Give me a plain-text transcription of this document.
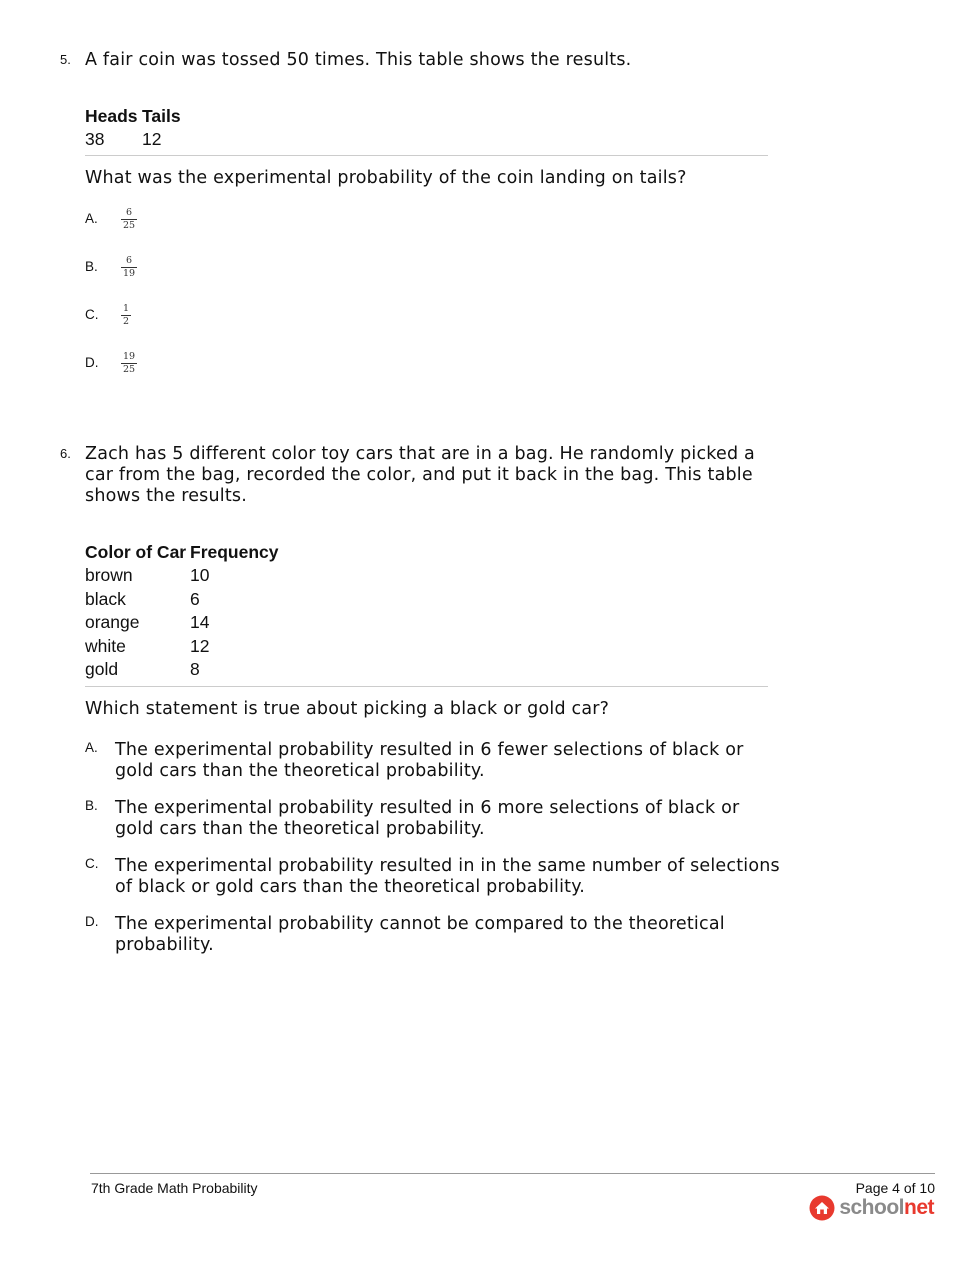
5. A fair coin was tossed 50 times. This table shows the results.
Heads	Tails
38	12
What was the experimental probability of the coin landing on tails?
A.	6
25
B.	6
19
C.	1
2
D.	19
25
6. Zach has 5 different color toy cars that are in a bag. He randomly picked a car from the bag, recorded the color, and put it back in the bag. This table shows the results.
Color of Car	Frequency
brown	10
black	6
orange	14
white	12
gold	8
Which statement is true about picking a black or gold car?
A. The experimental probability resulted in 6 fewer selections of black or gold cars than the theoretical probability.
B. The experimental probability resulted in 6 more selections of black or gold cars than the theoretical probability.
C. The experimental probability resulted in in the same number of selections of black or gold cars than the theoretical probability.
D. The experimental probability cannot be compared to the theoretical probability.
7th Grade Math Probability	Page 4 of 10
schoolnet
